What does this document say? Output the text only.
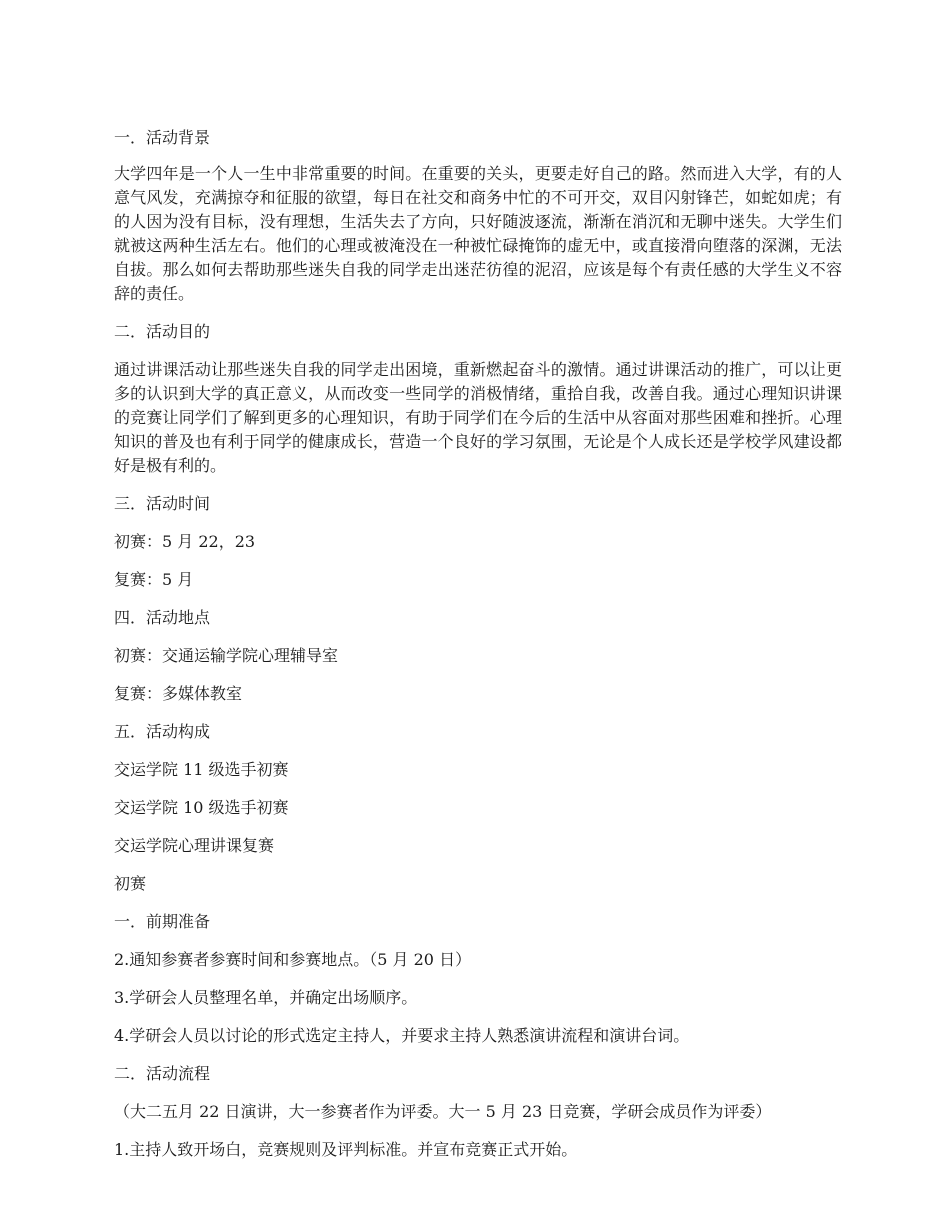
一．活动背景

大学四年是一个人一生中非常重要的时间。在重要的关头，更要走好自己的路。然而进入大学，有的人意气风发，充满掠夺和征服的欲望，每日在社交和商务中忙的不可开交，双目闪射锋芒，如蛇如虎；有的人因为没有目标，没有理想，生活失去了方向，只好随波逐流，渐渐在消沉和无聊中迷失。大学生们就被这两种生活左右。他们的心理或被淹没在一种被忙碌掩饰的虚无中，或直接滑向堕落的深渊，无法自拔。那么如何去帮助那些迷失自我的同学走出迷茫彷徨的泥沼，应该是每个有责任感的大学生义不容辞的责任。

二．活动目的

通过讲课活动让那些迷失自我的同学走出困境，重新燃起奋斗的激情。通过讲课活动的推广，可以让更多的认识到大学的真正意义，从而改变一些同学的消极情绪，重拾自我，改善自我。通过心理知识讲课的竞赛让同学们了解到更多的心理知识，有助于同学们在今后的生活中从容面对那些困难和挫折。心理知识的普及也有利于同学的健康成长，营造一个良好的学习氛围，无论是个人成长还是学校学风建设都好是极有利的。

三．活动时间

初赛：5 月 22，23

复赛：5 月

四．活动地点

初赛：交通运输学院心理辅导室

复赛：多媒体教室

五．活动构成

交运学院 11 级选手初赛

交运学院 10 级选手初赛

交运学院心理讲课复赛

初赛

一．前期准备

2.通知参赛者参赛时间和参赛地点。（5 月 20 日）

3.学研会人员整理名单，并确定出场顺序。

4.学研会人员以讨论的形式选定主持人，并要求主持人熟悉演讲流程和演讲台词。

二．活动流程

（大二五月 22 日演讲，大一参赛者作为评委。大一 5 月 23 日竞赛，学研会成员作为评委）

1.主持人致开场白，竞赛规则及评判标准。并宣布竞赛正式开始。
